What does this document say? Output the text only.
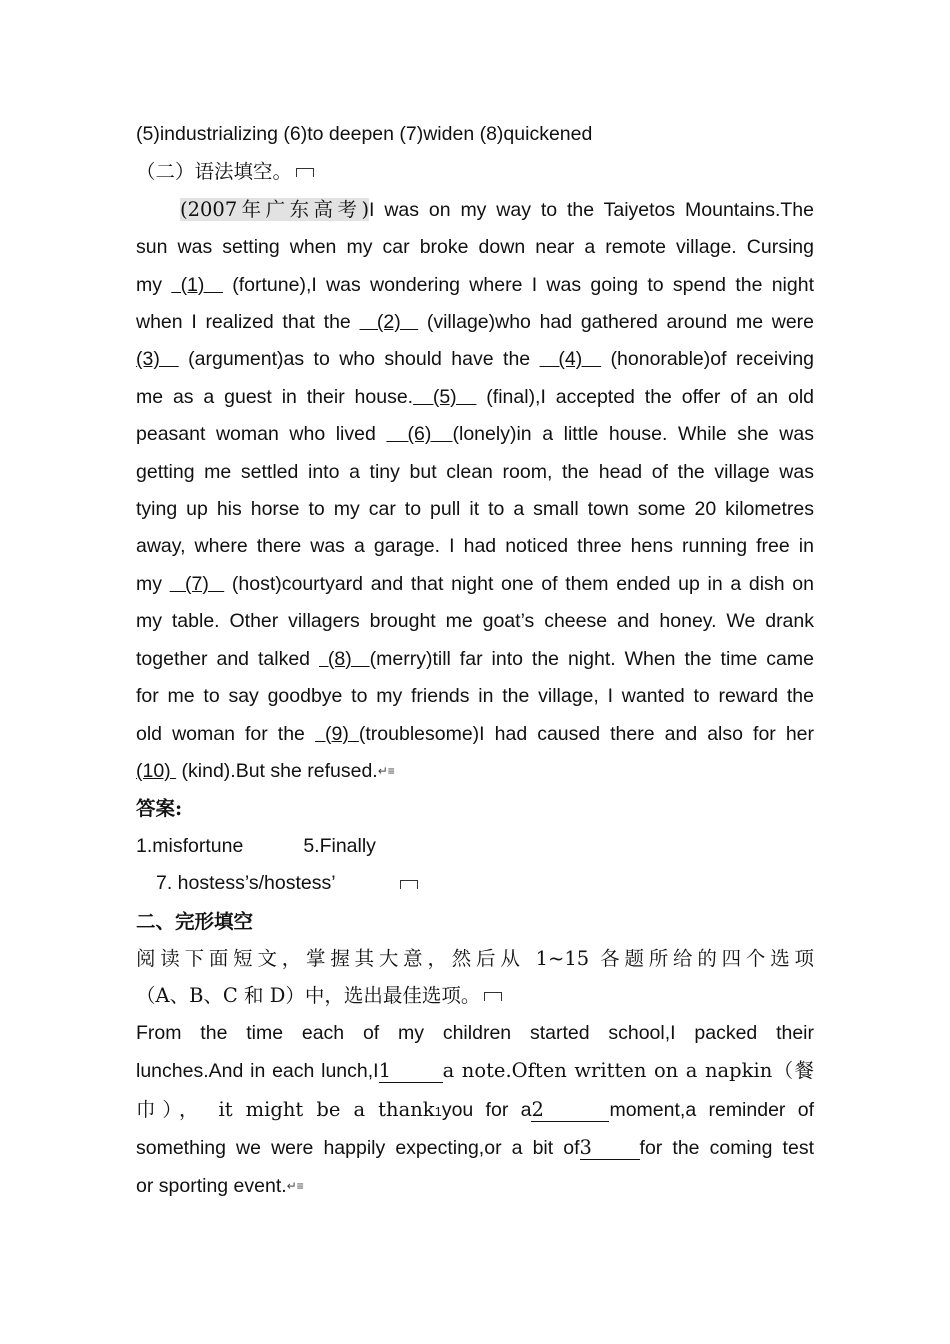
(5)industrializing (6)to deepen (7)widen (8)quickened
（二）语法填空。
(2007年广东高考)I was on my way to the Taiyetos Mountains.The
sun was setting when my car broke down near a remote village. Cursing
my  (1)   (fortune),I was wondering where I was going to spend the night
when I realized that the   (2)   (village)who had gathered around me were
(3)   (argument)as to who should have the   (4)   (honorable)of receiving
me as a guest in their house.  (5)   (final),I accepted the offer of an old
peasant woman who lived   (6)  (lonely)in a little house. While she was
getting me settled into a tiny but clean room, the head of the village was
tying up his horse to my car to pull it to a small town some 20 kilometres
away, where there was a garage. I had noticed three hens running free in
my   (7)   (host)courtyard and that night one of them ended up in a dish on
my table. Other villagers brought me goat’s cheese and honey. We drank
together and talked  (8)  (merry)till far into the night. When the time came
for me to say goodbye to my friends in the village, I wanted to reward the
old woman for the  (9) (troublesome)I had caused there and also for her
(10)  (kind).But she refused.↵≡
答案:
1.misfortune	5.Finally
7. hostess’s/hostess’
二、完形填空
阅读下面短文，掌握其大意，然后从 1~15 各题所给的四个选项
（A、B、C 和 D）中，选出最佳选项。
From the time each of my children started school,I packed their
lunches.And in each lunch,I1	a note.Often written on a napkin（餐
巾）， it might be a thank1you for a2	moment,a reminder of
something we were happily expecting,or a bit of3 for the coming test
or sporting event.↵≡
